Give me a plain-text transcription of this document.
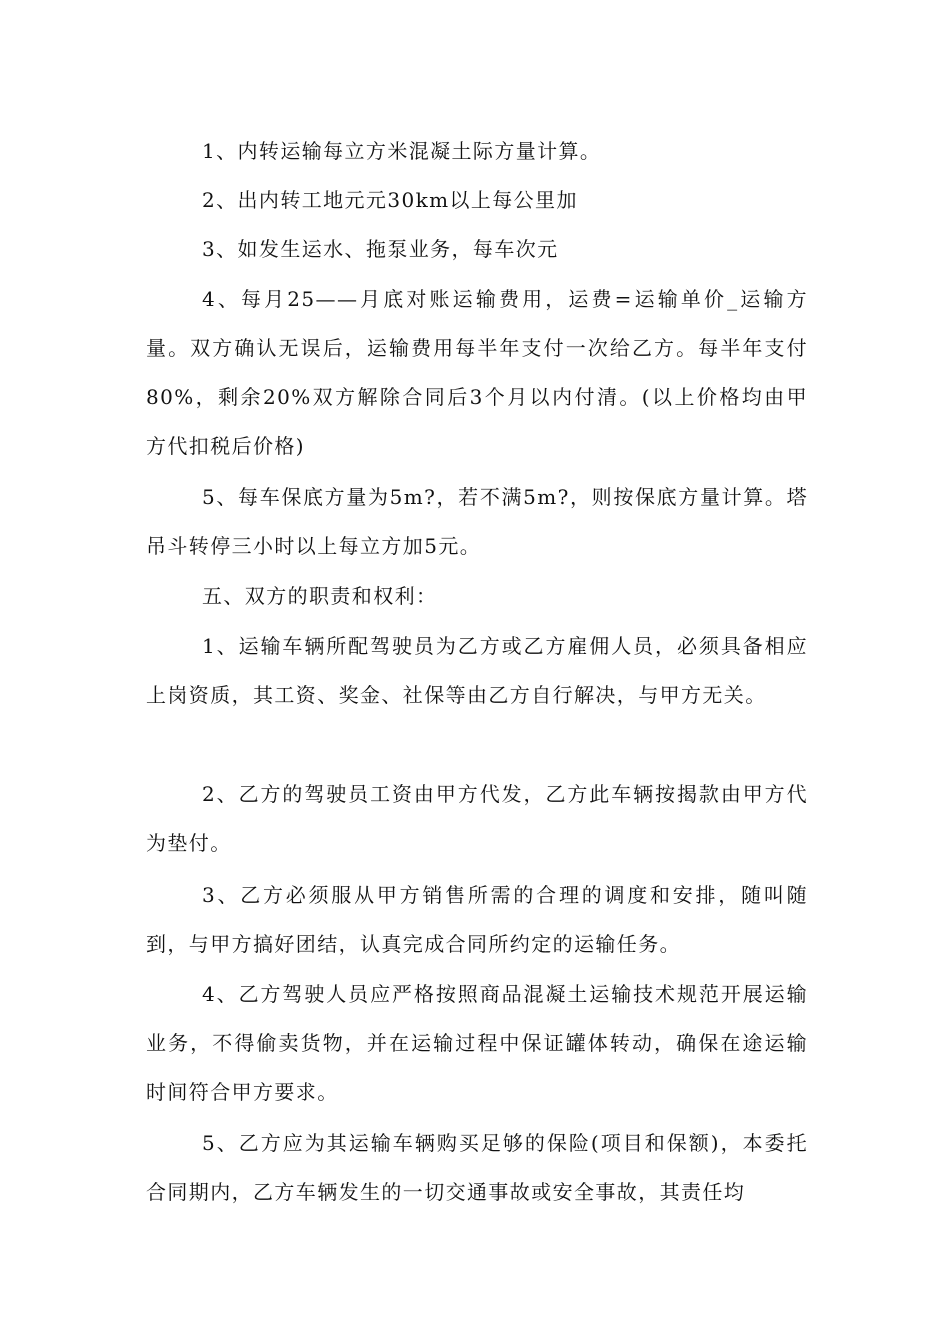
1、内转运输每立方米混凝土际方量计算。

2、出内转工地元元30km以上每公里加

3、如发生运水、拖泵业务，每车次元

4、每月25——月底对账运输费用，运费=运输单价_运输方量。双方确认无误后，运输费用每半年支付一次给乙方。每半年支付80%，剩余20%双方解除合同后3个月以内付清。(以上价格均由甲 方代扣税后价格)

5、每车保底方量为5m?，若不满5m?，则按保底方量计算。塔吊斗转停三小时以上每立方加5元。

五、双方的职责和权利：

1、运输车辆所配驾驶员为乙方或乙方雇佣人员，必须具备相应上岗资质，其工资、奖金、社保等由乙方自行解决，与甲方无关。

2、乙方的驾驶员工资由甲方代发，乙方此车辆按揭款由甲方代为垫付。

3、乙方必须服从甲方销售所需的合理的调度和安排，随叫随到，与甲方搞好团结，认真完成合同所约定的运输任务。

4、乙方驾驶人员应严格按照商品混凝土运输技术规范开展运输业务，不得偷卖货物，并在运输过程中保证罐体转动，确保在途运输时间符合甲方要求。

5、乙方应为其运输车辆购买足够的保险(项目和保额)，本委托合同期内，乙方车辆发生的一切交通事故或安全事故，其责任均
